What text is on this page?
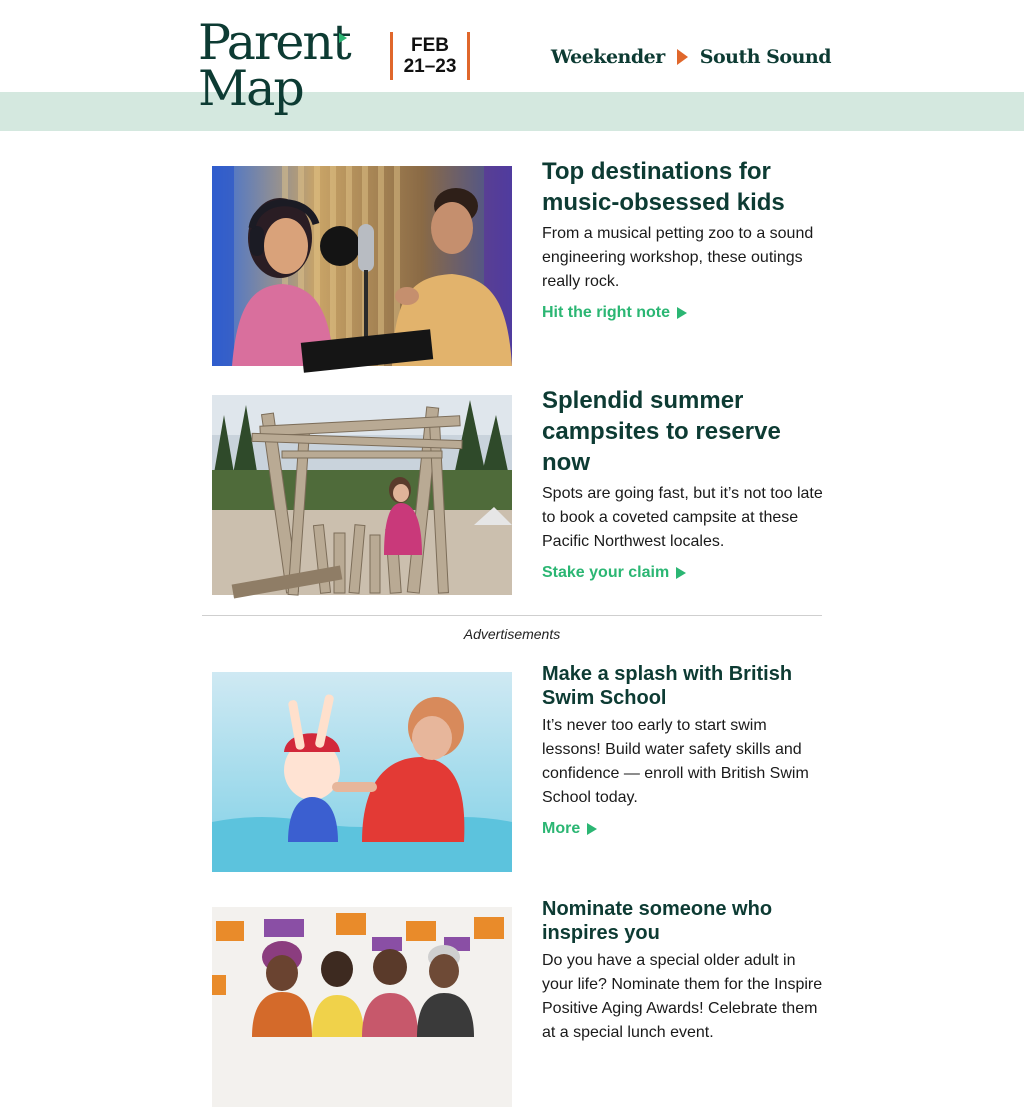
Parent
Map
FEB
21–23	Weekender South Sound
Top destinations for music-obsessed kids
From a musical petting zoo to a sound engineering workshop, these outings really rock.
Hit the right note
Splendid summer campsites to reserve now
Spots are going fast, but it’s not too late to book a coveted campsite at these Pacific Northwest locales.
Stake your claim
Advertisements
Make a splash with British Swim School
It’s never too early to start swim lessons! Build water safety skills and confidence — enroll with British Swim School today.
More
Nominate someone who inspires you
Do you have a special older adult in your life? Nominate them for the Inspire Positive Aging Awards! Celebrate them at a special lunch event.
